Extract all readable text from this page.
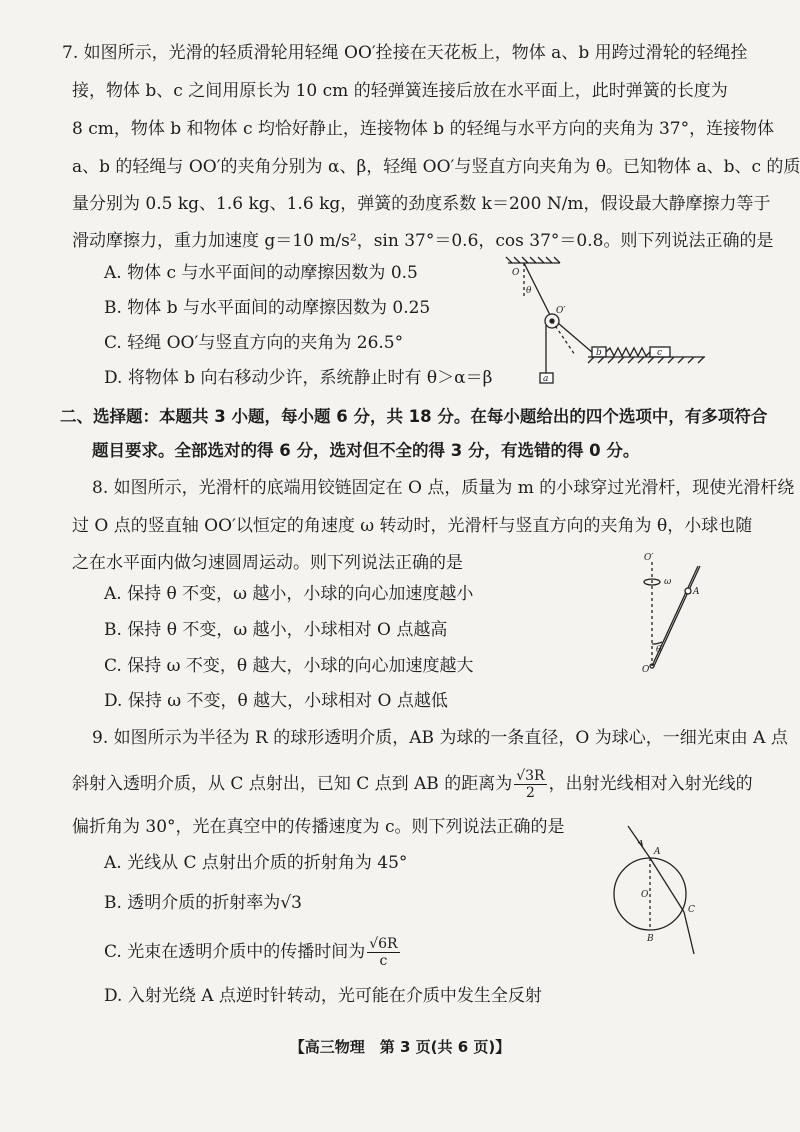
7. 如图所示，光滑的轻质滑轮用轻绳 OO′拴接在天花板上，物体 a、b 用跨过滑轮的轻绳拴
接，物体 b、c 之间用原长为 10 cm 的轻弹簧连接后放在水平面上，此时弹簧的长度为
8 cm，物体 b 和物体 c 均恰好静止，连接物体 b 的轻绳与水平方向的夹角为 37°，连接物体
a、b 的轻绳与 OO′的夹角分别为 α、β，轻绳 OO′与竖直方向夹角为 θ。已知物体 a、b、c 的质
量分别为 0.5 kg、1.6 kg、1.6 kg，弹簧的劲度系数 k＝200 N/m，假设最大静摩擦力等于
滑动摩擦力，重力加速度 g＝10 m/s²，sin 37°＝0.6，cos 37°＝0.8。则下列说法正确的是
A. 物体 c 与水平面间的动摩擦因数为 0.5
B. 物体 b 与水平面间的动摩擦因数为 0.25
C. 轻绳 OO′与竖直方向的夹角为 26.5°
D. 将物体 b 向右移动少许，系统静止时有 θ＞α＝β
O
O′
θ
a
b	c
二、选择题：本题共 3 小题，每小题 6 分，共 18 分。在每小题给出的四个选项中，有多项符合
题目要求。全部选对的得 6 分，选对但不全的得 3 分，有选错的得 0 分。
8. 如图所示，光滑杆的底端用铰链固定在 O 点，质量为 m 的小球穿过光滑杆，现使光滑杆绕
过 O 点的竖直轴 OO′以恒定的角速度 ω 转动时，光滑杆与竖直方向的夹角为 θ，小球也随
之在水平面内做匀速圆周运动。则下列说法正确的是
A. 保持 θ 不变，ω 越小，小球的向心加速度越小
B. 保持 θ 不变，ω 越小，小球相对 O 点越高
C. 保持 ω 不变，θ 越大，小球的向心加速度越大
D. 保持 ω 不变，θ 越大，小球相对 O 点越低
O′
ω
A
θ
O
9. 如图所示为半径为 R 的球形透明介质，AB 为球的一条直径，O 为球心，一细光束由 A 点
斜射入透明介质，从 C 点射出，已知 C 点到 AB 的距离为 $\frac{√3R}{2}$ ，出射光线相对入射光线的
偏折角为 30°，光在真空中的传播速度为 c。则下列说法正确的是
A. 光线从 C 点射出介质的折射角为 45°
B. 透明介质的折射率为√3
C. 光束在透明介质中的传播时间为 $\frac{√6R}{c}$
D. 入射光绕 A 点逆时针转动，光可能在介质中发生全反射
A
O
B
C
【高三物理　第 3 页(共 6 页)】
